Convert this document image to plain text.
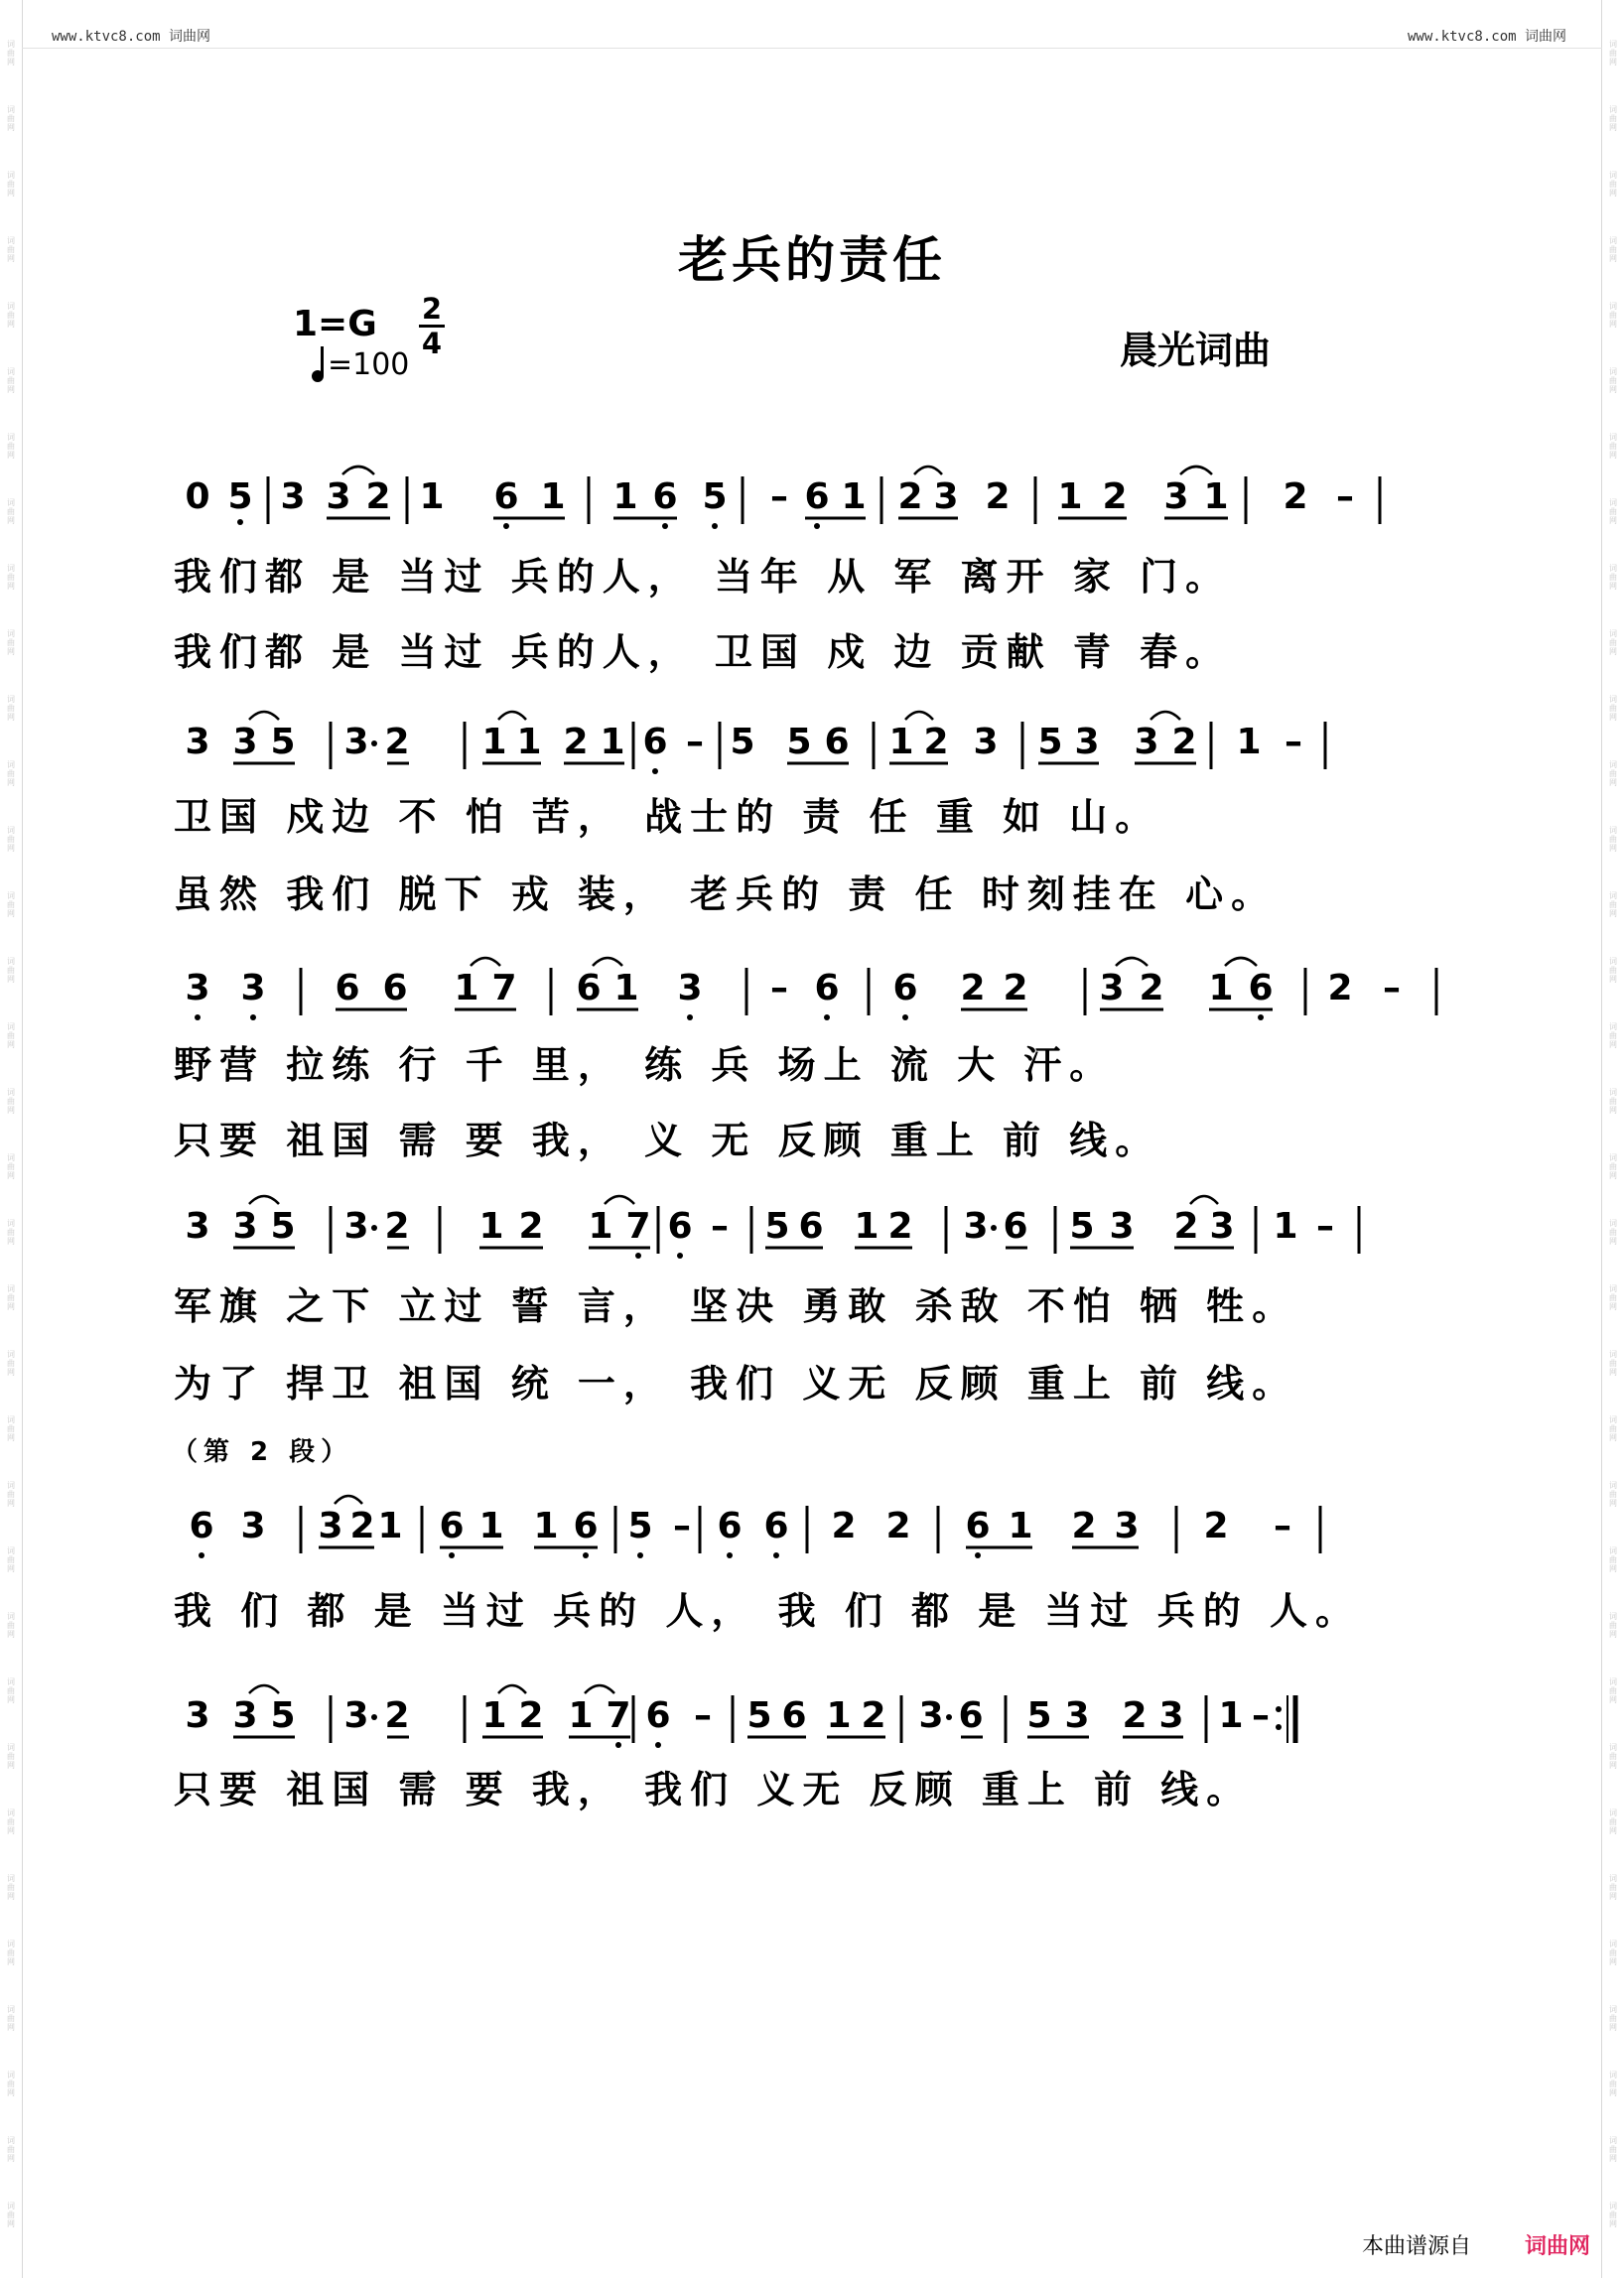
词曲网
词曲网
词曲网
词曲网
词曲网
词曲网
词曲网
词曲网
词曲网
词曲网
词曲网
词曲网
词曲网
词曲网
词曲网
词曲网
词曲网
词曲网
词曲网
词曲网
词曲网
词曲网
词曲网
词曲网
词曲网
词曲网
词曲网
词曲网
词曲网
词曲网
词曲网
词曲网
词曲网
词曲网
词曲网
词曲网
词曲网
词曲网
词曲网
词曲网
词曲网
词曲网
词曲网
词曲网
词曲网
词曲网
词曲网
词曲网
词曲网
词曲网
词曲网
词曲网
词曲网
词曲网
词曲网
词曲网
词曲网
词曲网
词曲网
词曲网
词曲网
词曲网
词曲网
词曲网
词曲网
词曲网
词曲网
词曲网
www.ktvc8.com 词曲网	www.ktvc8.com 词曲网
老兵的责任
1=G 2
4
=100	晨光词曲
0 5 3 3 2 1 6 1 1 6 5 – 6 1 2 3 2 1 2 3 1 2 –
我们都 是 当过 兵的人， 当年 从 军 离开 家 门。
我们都 是 当过 兵的人， 卫国 戍 边 贡献 青 春。
3 3 5 3 2 1 1 2 1 6 – 5 5 6 1 2 3 5 3 3 2 1 –
卫国 戍边 不 怕 苦， 战士的 责 任 重 如 山。
虽然 我们 脱下 戎 装， 老兵的 责 任 时刻挂在 心。
3 3 6 6 1 7 6 1 3 – 6 6 2 2 3 2 1 6 2 –
野营 拉练 行 千 里， 练 兵 场上 流 大 汗。
只要 祖国 需 要 我， 义 无 反顾 重上 前 线。
3 3 5 3 2 1 2 1 7 6 – 5 6 1 2 3 6 5 3 2 3 1 –
军旗 之下 立过 誓 言， 坚决 勇敢 杀敌 不怕 牺 牲。
为了 捍卫 祖国 统 一， 我们 义无 反顾 重上 前 线。
（第 2 段）
6 3 3 2 1 6 1 1 6 5 – 6 6 2 2 6 1 2 3 2 –
我 们 都 是 当过 兵的 人， 我 们 都 是 当过 兵的 人。
3 3 5 3 2 1 2 1 7 6 – 5 6 1 2 3 6 5 3 2 3 1 –
只要 祖国 需 要 我， 我们 义无 反顾 重上 前 线。
本曲谱源自 词曲网
